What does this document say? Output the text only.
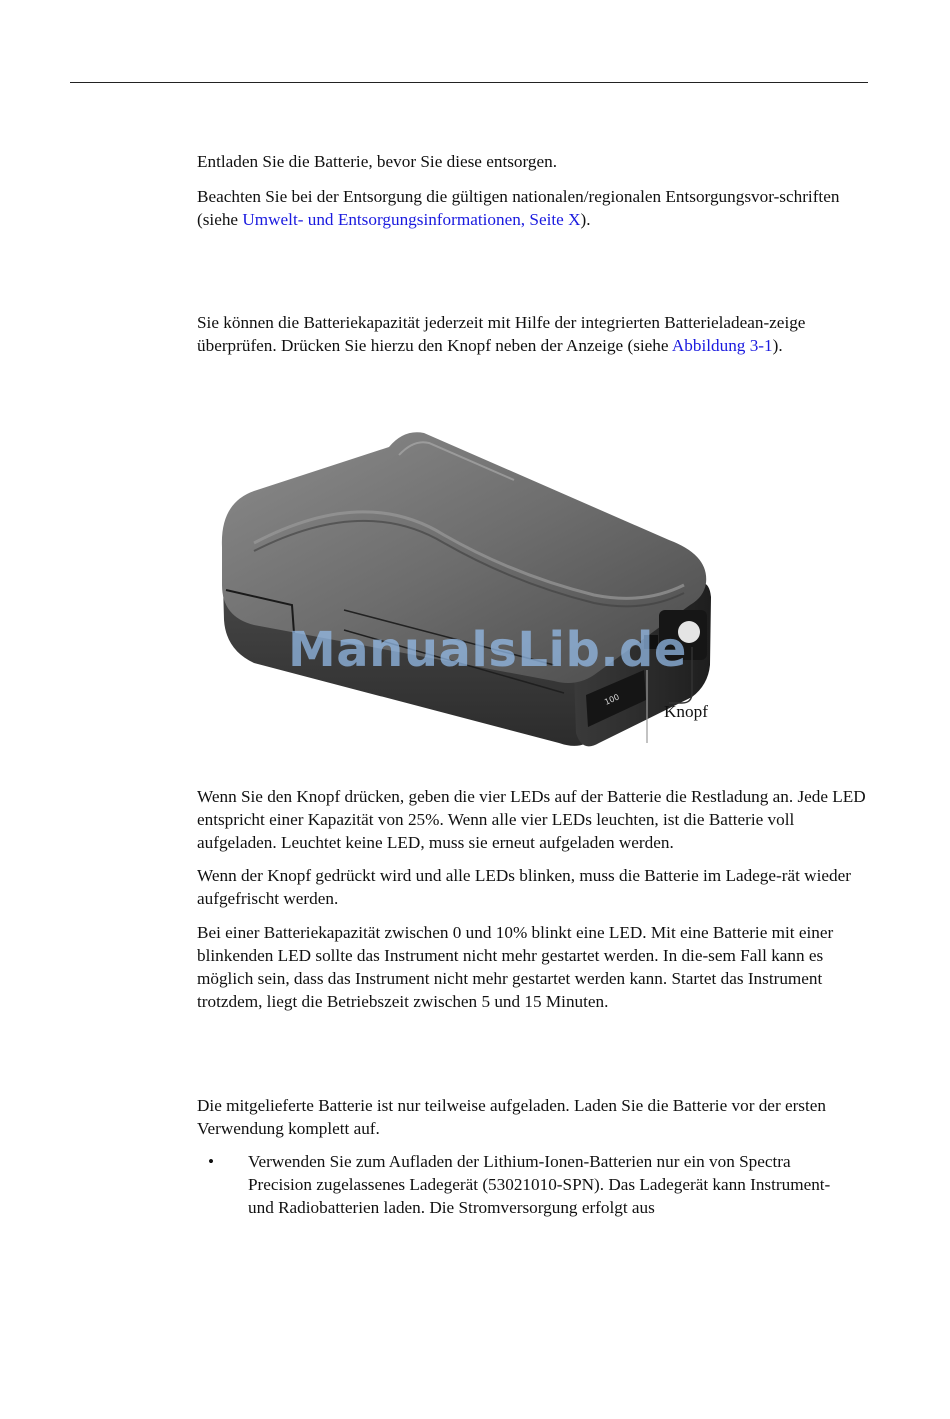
Entladen Sie die Batterie, bevor Sie diese entsorgen.

Beachten Sie bei der Entsorgung die gültigen nationalen/regionalen Entsorgungsvor-schriften (siehe Umwelt- und Entsorgungsinformationen, Seite X).

Sie können die Batteriekapazität jederzeit mit Hilfe der integrierten Batterieladean-zeige überprüfen. Drücken Sie hierzu den Knopf neben der Anzeige (siehe Abbildung 3-1).

100
ManualsLib.de
Knopf

Wenn Sie den Knopf drücken, geben die vier LEDs auf der Batterie die Restladung an. Jede LED entspricht einer Kapazität von 25%. Wenn alle vier LEDs leuchten, ist die Batterie voll aufgeladen. Leuchtet keine LED, muss sie erneut aufgeladen werden.

Wenn der Knopf gedrückt wird und alle LEDs blinken, muss die Batterie im Ladege-rät wieder aufgefrischt werden.

Bei einer Batteriekapazität zwischen 0 und 10% blinkt eine LED. Mit eine Batterie mit einer blinkenden LED sollte das Instrument nicht mehr gestartet werden. In die-sem Fall kann es möglich sein, dass das Instrument nicht mehr gestartet werden kann. Startet das Instrument trotzdem, liegt die Betriebszeit zwischen 5 und 15 Minuten.

Die mitgelieferte Batterie ist nur teilweise aufgeladen. Laden Sie die Batterie vor der ersten Verwendung komplett auf.

• Verwenden Sie zum Aufladen der Lithium-Ionen-Batterien nur ein von Spectra Precision zugelassenes Ladegerät (53021010-SPN). Das Ladegerät kann Instrument- und Radiobatterien laden. Die Stromversorgung erfolgt aus
